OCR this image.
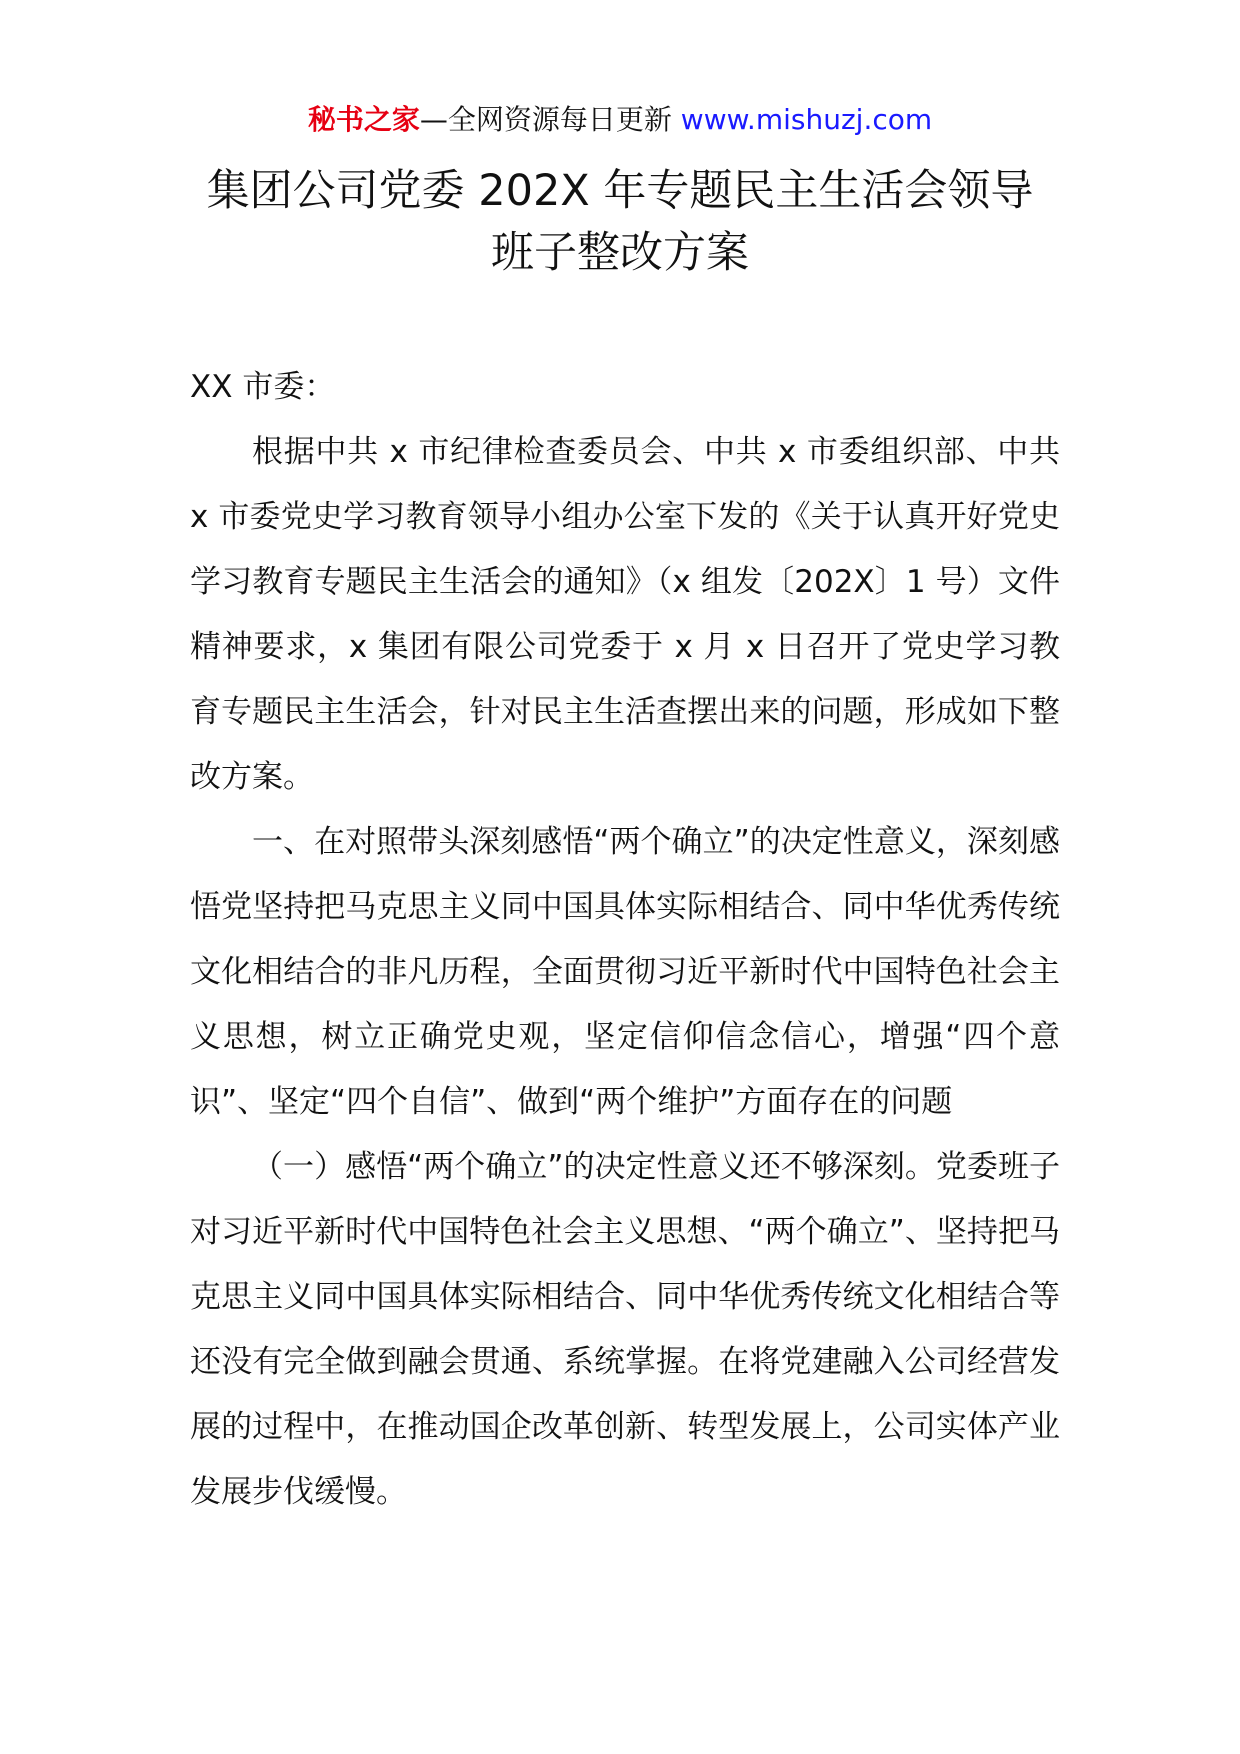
秘书之家—全网资源每日更新 www.mishuzj.com
集团公司党委 202X 年专题民主生活会领导
班子整改方案

XX 市委：

根据中共 x 市纪律检查委员会、中共 x 市委组织部、中共 x 市委党史学习教育领导小组办公室下发的《关于认真开好党史学习教育专题民主生活会的通知》（x 组发〔202X〕1 号）文件精神要求，x 集团有限公司党委于 x 月 x 日召开了党史学习教育专题民主生活会，针对民主生活查摆出来的问题，形成如下整改方案。

一、在对照带头深刻感悟“两个确立”的决定性意义，深刻感悟党坚持把马克思主义同中国具体实际相结合、同中华优秀传统文化相结合的非凡历程，全面贯彻习近平新时代中国特色社会主义思想，树立正确党史观，坚定信仰信念信心，增强“四个意识”、坚定“四个自信”、做到“两个维护”方面存在的问题

（一）感悟“两个确立”的决定性意义还不够深刻。党委班子对习近平新时代中国特色社会主义思想、“两个确立”、坚持把马克思主义同中国具体实际相结合、同中华优秀传统文化相结合等还没有完全做到融会贯通、系统掌握。在将党建融入公司经营发展的过程中，在推动国企改革创新、转型发展上，公司实体产业发展步伐缓慢。
